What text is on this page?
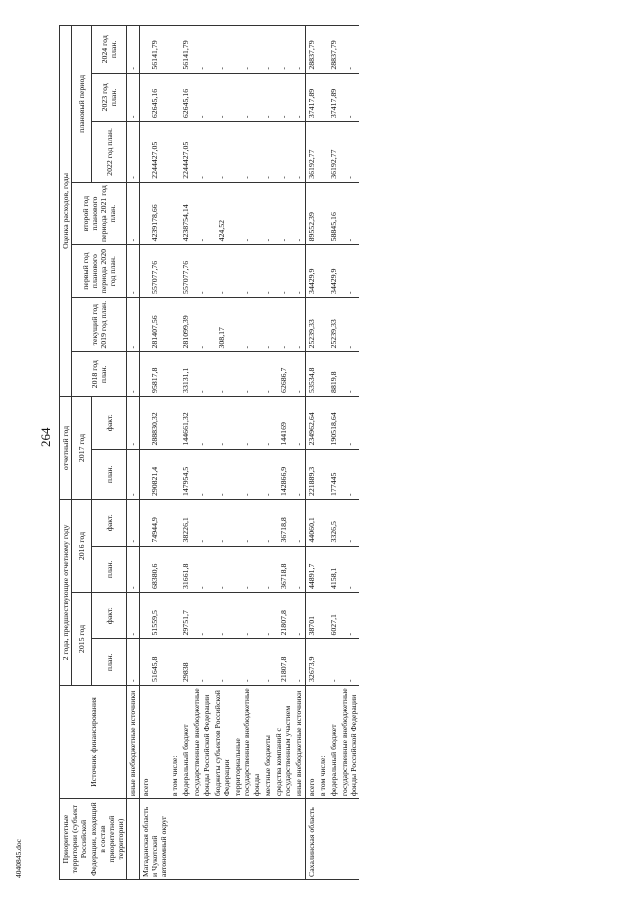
264
4040845.doc	Приоритетные территории (субъект Российской Федерации, входящий в состав приоритетной территории)	Источник финансирования	2 года, предшествующие отчетному году				отчетный год		Оценка расходов, годы						
		2015 год		2016 год		2017 год		2018 год план.	текущий год 2019 год план.	первый год планового периода 2020 год план.	второй год планового периода 2021 год план.	плановый период		
		план.	факт.	план.	факт.	план.	факт.					2022 год план.	2023 год план.	2024 год план.

	иные внебюджетные источники	-	-	-	-	-	-	-	-	-	-	-	-	-
Магаданская область и Чукотский автономный округ	всего	51645,8	51559,5	68380,6	74944,9	290821,4	288830,32	95817,8	281407,56	557077,76	4239178,66	2244427,05	62645,16	56141,79
	в том числе:													
	федеральный бюджет	29838	29751,7	31661,8	38226,1	147954,5	144661,32	33131,1	281099,39	557077,76	4238754,14	2244427,05	62645,16	56141,79
	государственные внебюджетные фонды Российской Федерации	-	-	-	-	-	-	-	-	-	-	-	-	-
	бюджеты субъектов Российской Федерации	-	-	-	-	-	-	-	308,17	-	424,52	-	-	-
	территориальные государственные внебюджетные фонды	-	-	-	-	-	-	-	-	-	-	-	-	-
	местные бюджеты	-	-	-	-	-	-	-	-	-	-	-	-	-
	средства компаний с государственным участием	21807,8	21807,8	36718,8	36718,8	142866,9	144169	62686,7	-	-	-	-	-	-
	иные внебюджетные источники	-	-	-	-	-	-	-	-	-	-	-	-	-
Сахалинская область	всего	32673,9	38701	44891,7	44060,1	221889,3	234962,64	53534,8	25239,33	34429,9	89552,39	36192,77	37417,89	28837,79
	в том числе:													
	федеральный бюджет	-	6027,1	4158,1	3326,5	177445	190518,64	8819,8	25239,33	34429,9	58845,16	36192,77	37417,89	28837,79
	государственные внебюджетные фонды Российской Федерации	-	-	-	-	-	-	-	-	-	-	-	-	-
